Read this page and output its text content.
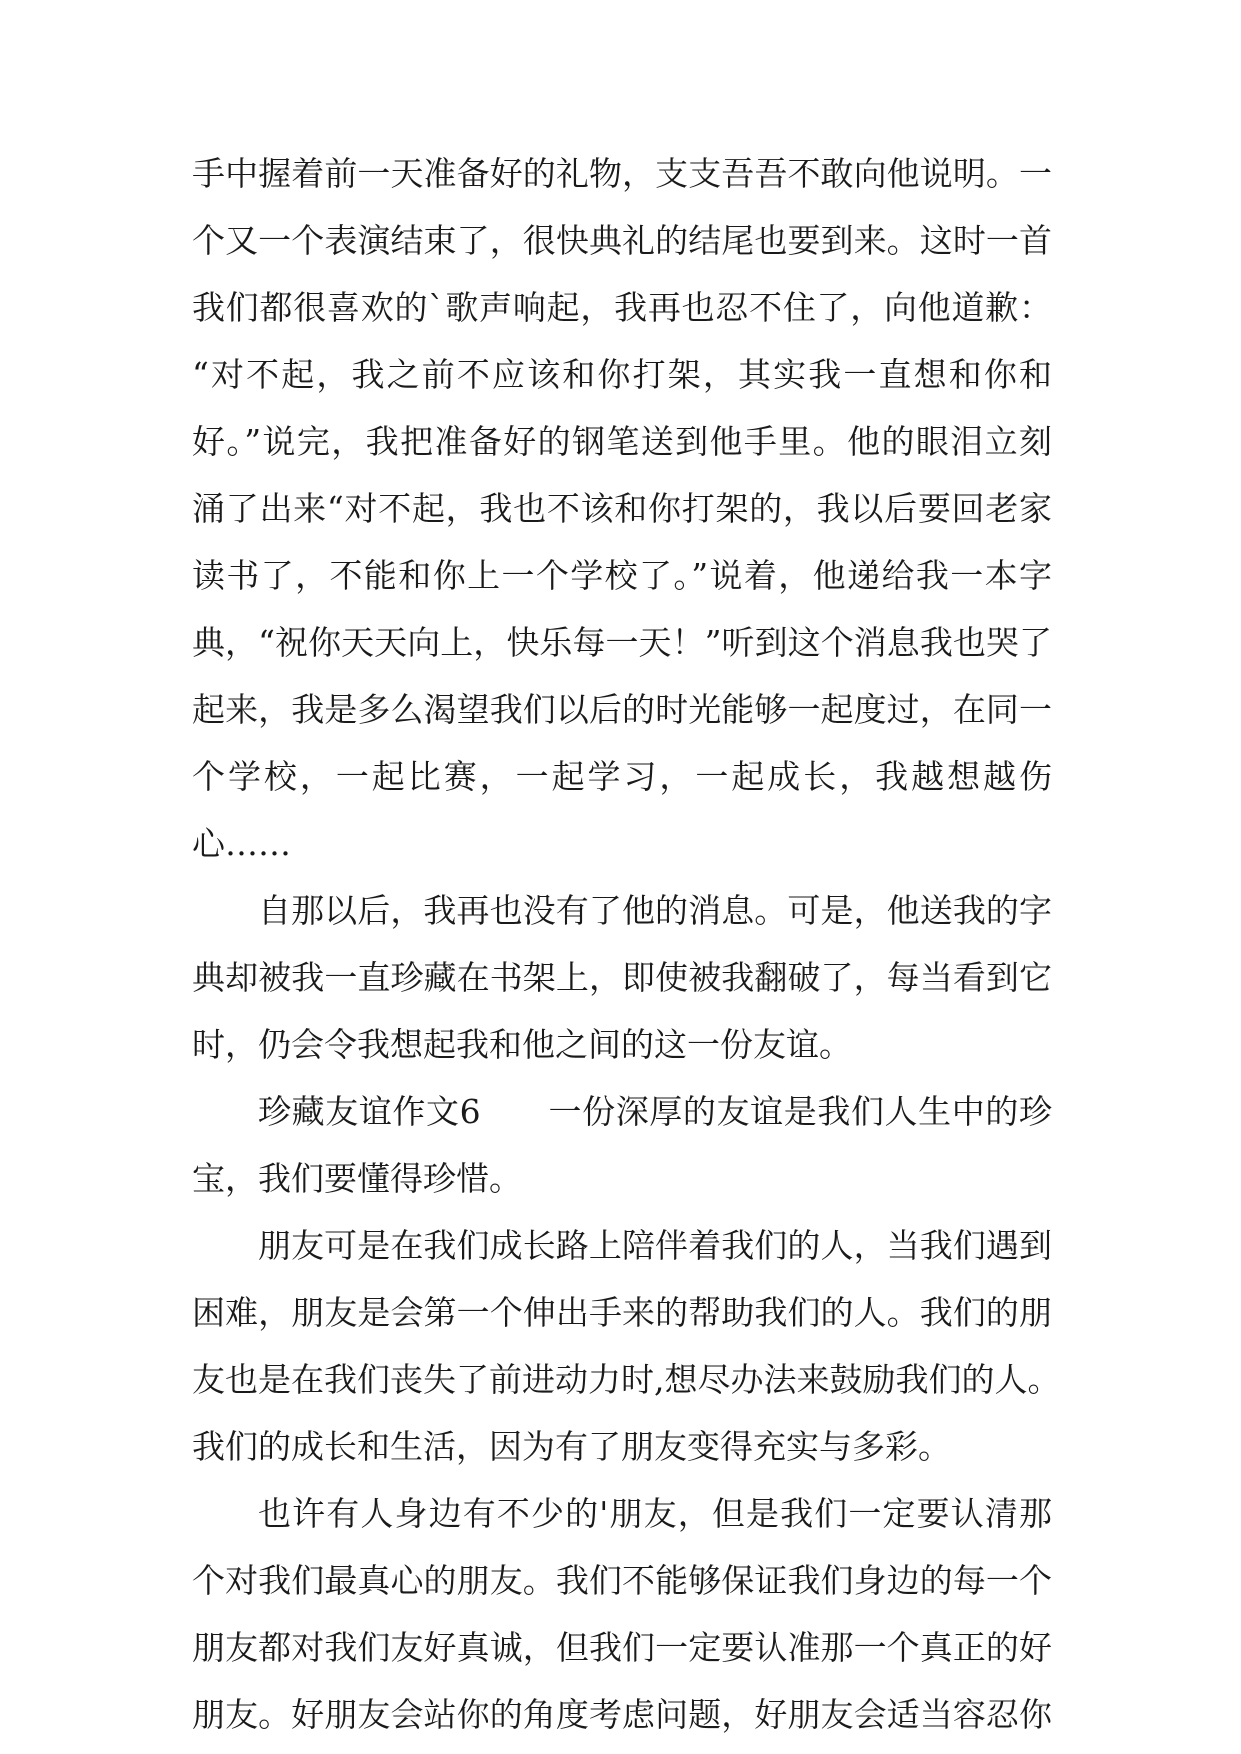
手中握着前一天准备好的礼物，支支吾吾不敢向他说明。一
个又一个表演结束了，很快典礼的结尾也要到来。这时一首
我们都很喜欢的`歌声响起，我再也忍不住了，向他道歉：
“对不起，我之前不应该和你打架，其实我一直想和你和
好。”说完，我把准备好的钢笔送到他手里。他的眼泪立刻
涌了出来“对不起，我也不该和你打架的，我以后要回老家
读书了，不能和你上一个学校了。”说着，他递给我一本字
典，“祝你天天向上，快乐每一天！”听到这个消息我也哭了
起来，我是多么渴望我们以后的时光能够一起度过，在同一
个学校，一起比赛，一起学习，一起成长，我越想越伤
心……
自那以后，我再也没有了他的消息。可是，他送我的字
典却被我一直珍藏在书架上，即使被我翻破了，每当看到它
时，仍会令我想起我和他之间的这一份友谊。
珍藏友谊作文6　　一份深厚的友谊是我们人生中的珍
宝，我们要懂得珍惜。
朋友可是在我们成长路上陪伴着我们的人，当我们遇到
困难，朋友是会第一个伸出手来的帮助我们的人。我们的朋
友也是在我们丧失了前进动力时,想尽办法来鼓励我们的人。
我们的成长和生活，因为有了朋友变得充实与多彩。
也许有人身边有不少的'朋友，但是我们一定要认清那
个对我们最真心的朋友。我们不能够保证我们身边的每一个
朋友都对我们友好真诚，但我们一定要认准那一个真正的好
朋友。好朋友会站你的角度考虑问题，好朋友会适当容忍你
